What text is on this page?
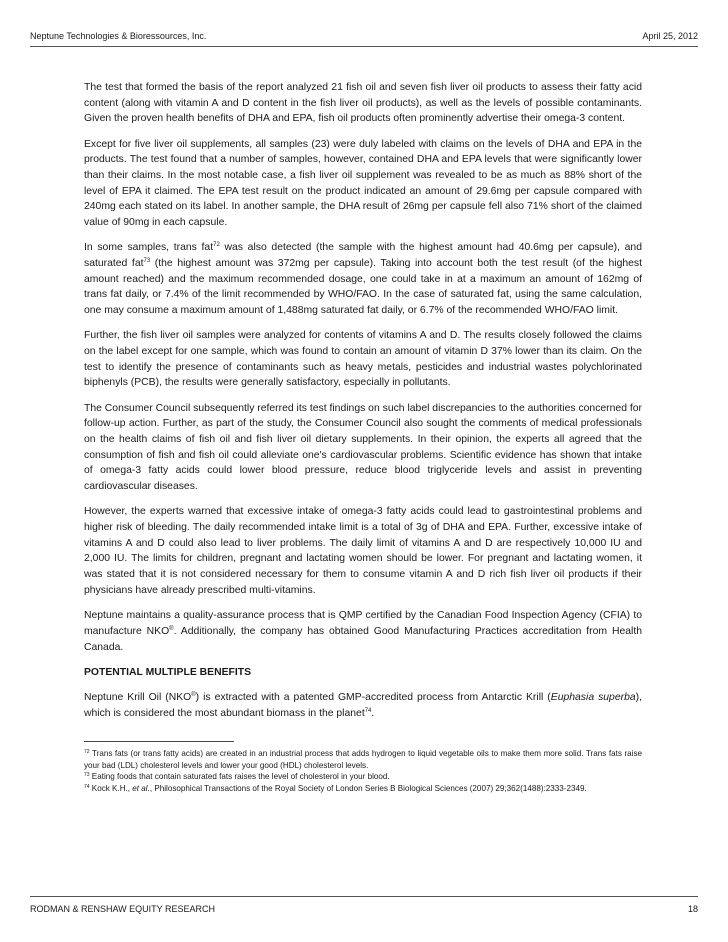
Neptune Technologies & Bioressources, Inc.	April 25, 2012

The test that formed the basis of the report analyzed 21 fish oil and seven fish liver oil products to assess their fatty acid content (along with vitamin A and D content in the fish liver oil products), as well as the levels of possible contaminants. Given the proven health benefits of DHA and EPA, fish oil products often prominently advertise their omega-3 content.

Except for five liver oil supplements, all samples (23) were duly labeled with claims on the levels of DHA and EPA in the products. The test found that a number of samples, however, contained DHA and EPA levels that were significantly lower than their claims. In the most notable case, a fish liver oil supplement was revealed to be as much as 88% short of the level of EPA it claimed. The EPA test result on the product indicated an amount of 29.6mg per capsule compared with 240mg each stated on its label. In another sample, the DHA result of 26mg per capsule fell also 71% short of the claimed value of 90mg in each capsule.

In some samples, trans fat$^{72}$ was also detected (the sample with the highest amount had 40.6mg per capsule), and saturated fat$^{73}$ (the highest amount was 372mg per capsule). Taking into account both the test result (of the highest amount reached) and the maximum recommended dosage, one could take in at a maximum an amount of 162mg of trans fat daily, or 7.4% of the limit recommended by WHO/FAO. In the case of saturated fat, using the same calculation, one may consume a maximum amount of 1,488mg saturated fat daily, or 6.7% of the recommended WHO/FAO limit.

Further, the fish liver oil samples were analyzed for contents of vitamins A and D. The results closely followed the claims on the label except for one sample, which was found to contain an amount of vitamin D 37% lower than its claim. On the test to identify the presence of contaminants such as heavy metals, pesticides and industrial wastes polychlorinated biphenyls (PCB), the results were generally satisfactory, especially in pollutants.

The Consumer Council subsequently referred its test findings on such label discrepancies to the authorities concerned for follow-up action. Further, as part of the study, the Consumer Council also sought the comments of medical professionals on the health claims of fish oil and fish liver oil dietary supplements. In their opinion, the experts all agreed that the consumption of fish and fish oil could alleviate one's cardiovascular problems. Scientific evidence has shown that intake of omega-3 fatty acids could lower blood pressure, reduce blood triglyceride levels and assist in preventing cardiovascular diseases.

However, the experts warned that excessive intake of omega-3 fatty acids could lead to gastrointestinal problems and higher risk of bleeding. The daily recommended intake limit is a total of 3g of DHA and EPA. Further, excessive intake of vitamins A and D could also lead to liver problems. The daily limit of vitamins A and D are respectively 10,000 IU and 2,000 IU. The limits for children, pregnant and lactating women should be lower. For pregnant and lactating women, it was stated that it is not considered necessary for them to consume vitamin A and D rich fish liver oil products if their physicians have already prescribed multi-vitamins.

Neptune maintains a quality-assurance process that is QMP certified by the Canadian Food Inspection Agency (CFIA) to manufacture NKO®. Additionally, the company has obtained Good Manufacturing Practices accreditation from Health Canada.

POTENTIAL MULTIPLE BENEFITS

Neptune Krill Oil (NKO®) is extracted with a patented GMP-accredited process from Antarctic Krill (Euphasia superba), which is considered the most abundant biomass in the planet$^{74}$.

$^{72}$ Trans fats (or trans fatty acids) are created in an industrial process that adds hydrogen to liquid vegetable oils to make them more solid. Trans fats raise your bad (LDL) cholesterol levels and lower your good (HDL) cholesterol levels.

$^{73}$ Eating foods that contain saturated fats raises the level of cholesterol in your blood.

$^{74}$ Kock K.H., et al., Philosophical Transactions of the Royal Society of London Series B Biological Sciences (2007) 29;362(1488):2333-2349.

RODMAN & RENSHAW EQUITY RESEARCH	18
